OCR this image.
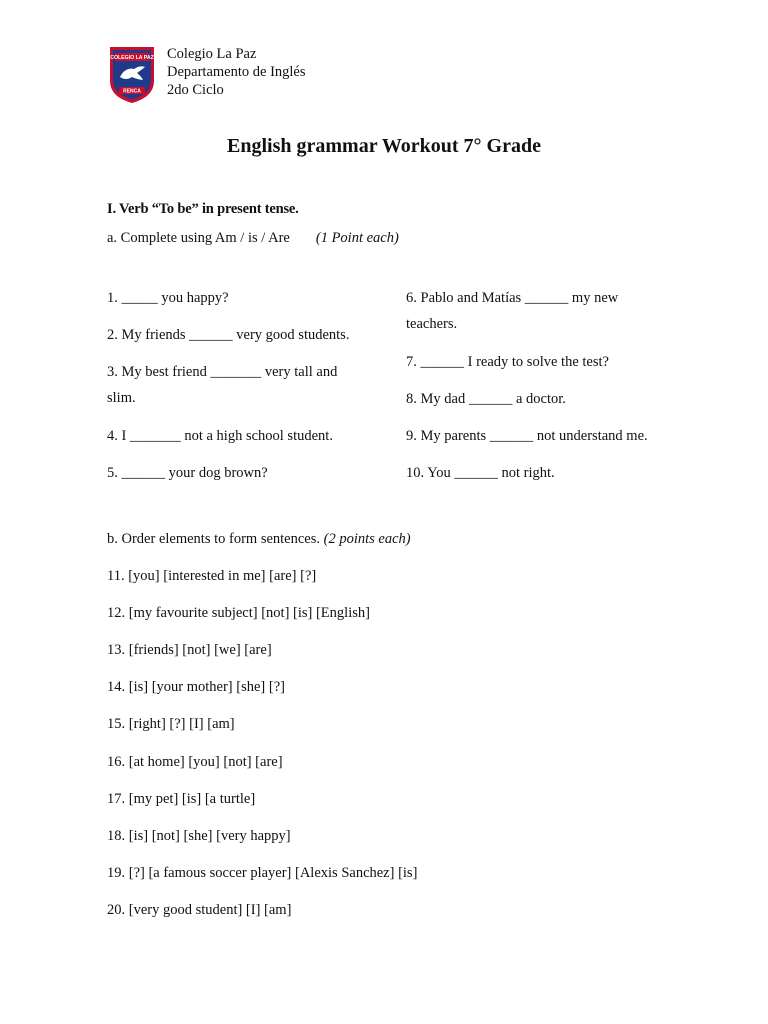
COLEGIO LA PAZ
RENCA
Colegio La Paz
Departamento de Inglés
2do Ciclo
English grammar Workout 7° Grade
I. Verb “To be” in present tense.
a. Complete using Am / is / Are (1 Point each)
1. _____ you happy?
2. My friends ______ very good students.
3. My best friend _______ very tall and slim.
4. I _______ not a high school student.
5. ______ your dog brown?
6. Pablo and Matías ______ my new teachers.
7. ______ I ready to solve the test?
8. My dad ______ a doctor.
9. My parents ______ not understand me.
10. You ______ not right.
b. Order elements to form sentences. (2 points each)
11. [you] [interested in me] [are] [?]
12. [my favourite subject] [not] [is] [English]
13. [friends] [not] [we] [are]
14. [is] [your mother] [she] [?]
15. [right] [?] [I] [am]
16. [at home] [you] [not] [are]
17. [my pet] [is] [a turtle]
18. [is] [not] [she] [very happy]
19. [?] [a famous soccer player] [Alexis Sanchez] [is]
20. [very good student] [I] [am]
